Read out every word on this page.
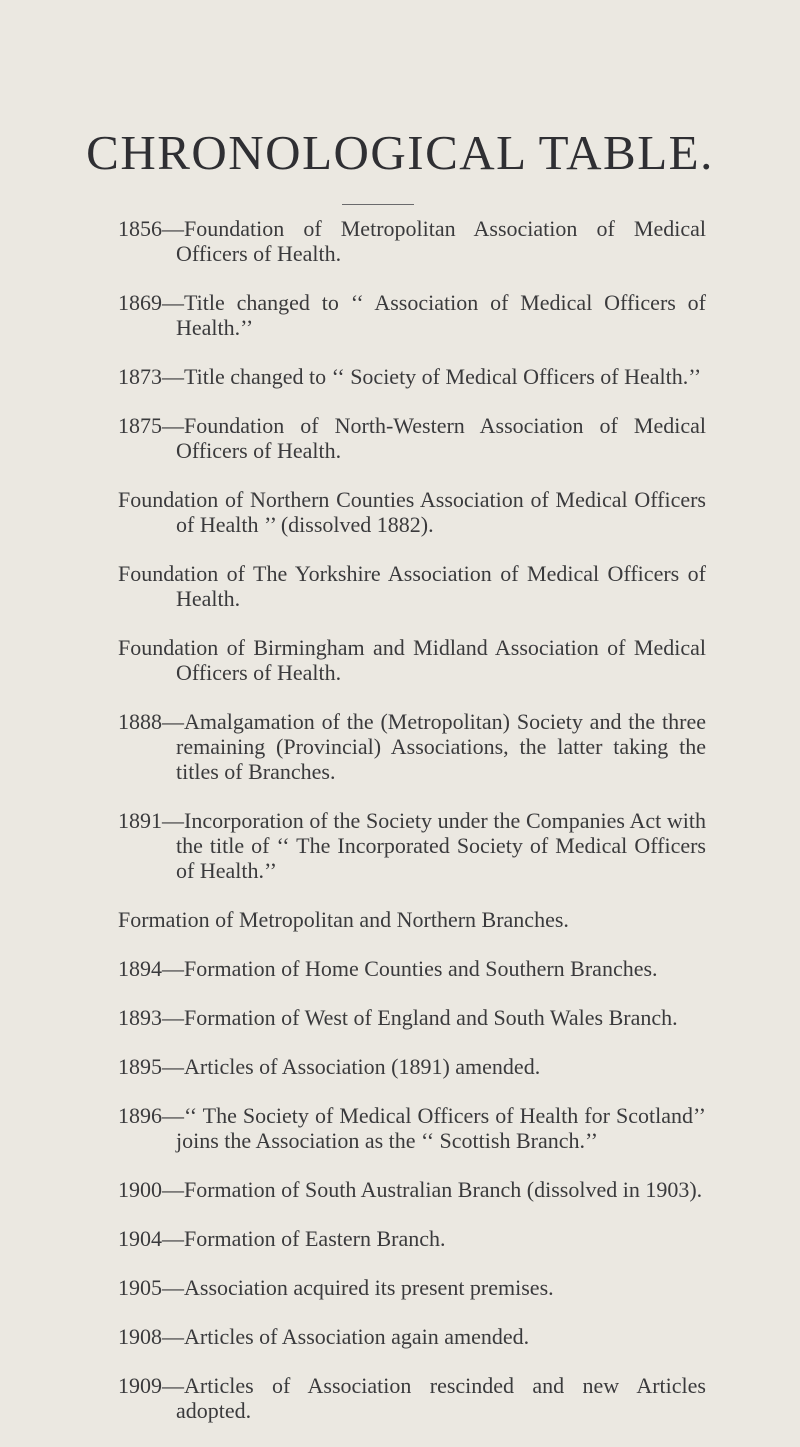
CHRONOLOGICAL TABLE.
1856—Foundation of Metropolitan Association of Medical Officers of Health.
1869—Title changed to ‘‘ Association of Medical Officers of Health.’’
1873—Title changed to ‘‘ Society of Medical Officers of Health.’’
1875—Foundation of North-Western Association of Medical Officers of Health.
Foundation of Northern Counties Association of Medical Officers of Health ’’ (dissolved 1882).
Foundation of The Yorkshire Association of Medical Officers of Health.
Foundation of Birmingham and Midland Association of Medical Officers of Health.
1888—Amalgamation of the (Metropolitan) Society and the three remaining (Provincial) Associations, the latter taking the titles of Branches.
1891—Incorporation of the Society under the Companies Act with the title of ‘‘ The Incorporated Society of Medical Officers of Health.’’
Formation of Metropolitan and Northern Branches.
1894—Formation of Home Counties and Southern Branches.
1893—Formation of West of England and South Wales Branch.
1895—Articles of Association (1891) amended.
1896—‘‘ The Society of Medical Officers of Health for Scotland’’ joins the Association as the ‘‘ Scottish Branch.’’
1900—Formation of South Australian Branch (dissolved in 1903).
1904—Formation of Eastern Branch.
1905—Association acquired its present premises.
1908—Articles of Association again amended.
1909—Articles of Association rescinded and new Articles adopted.
